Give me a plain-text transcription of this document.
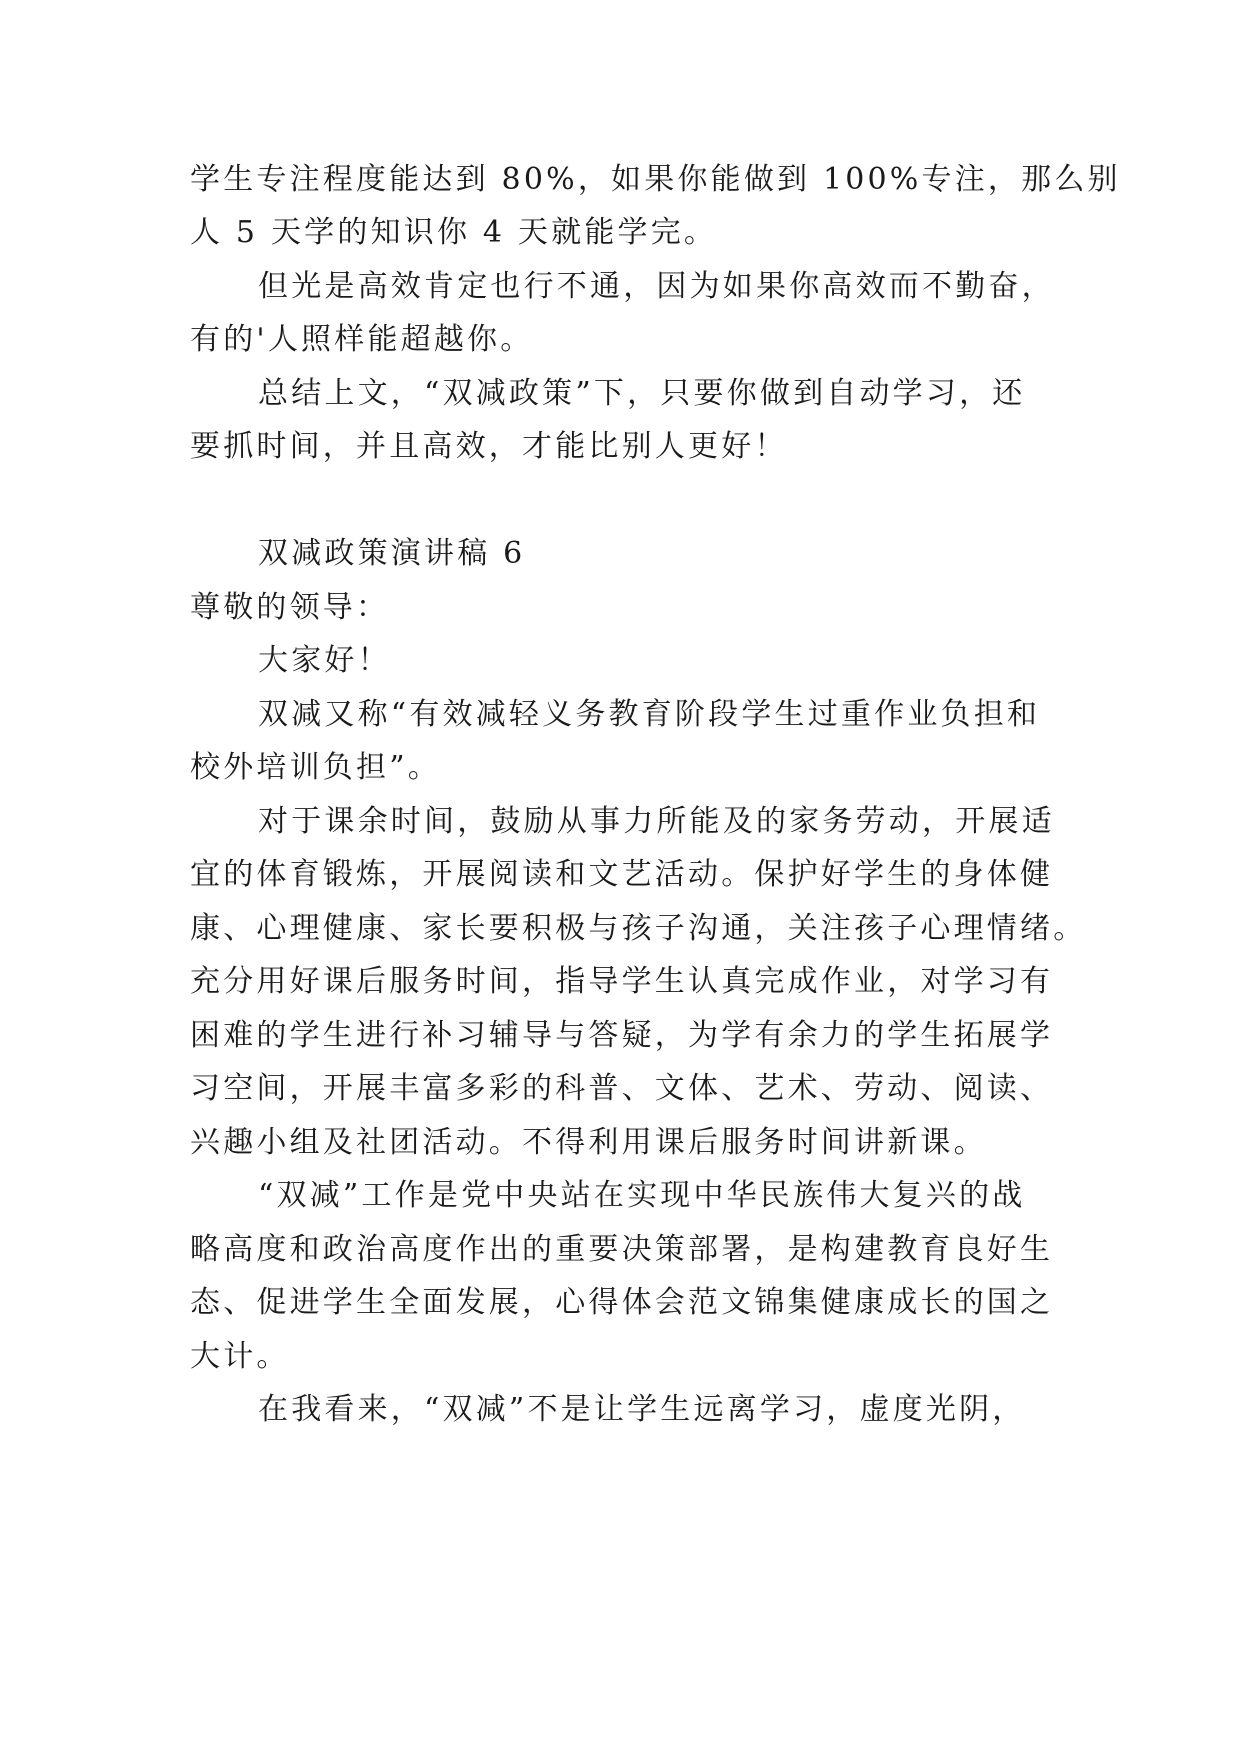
学生专注程度能达到 80%，如果你能做到 100%专注，那么别
人 5 天学的知识你 4 天就能学完。
但光是高效肯定也行不通，因为如果你高效而不勤奋，
有的'人照样能超越你。
总结上文，“双减政策”下，只要你做到自动学习，还
要抓时间，并且高效，才能比别人更好！
双减政策演讲稿 6
尊敬的领导：
大家好！
双减又称“有效减轻义务教育阶段学生过重作业负担和
校外培训负担”。
对于课余时间，鼓励从事力所能及的家务劳动，开展适
宜的体育锻炼，开展阅读和文艺活动。保护好学生的身体健
康、心理健康、家长要积极与孩子沟通，关注孩子心理情绪。
充分用好课后服务时间，指导学生认真完成作业，对学习有
困难的学生进行补习辅导与答疑，为学有余力的学生拓展学
习空间，开展丰富多彩的科普、文体、艺术、劳动、阅读、
兴趣小组及社团活动。不得利用课后服务时间讲新课。
“双减”工作是党中央站在实现中华民族伟大复兴的战
略高度和政治高度作出的重要决策部署，是构建教育良好生
态、促进学生全面发展，心得体会范文锦集健康成长的国之
大计。
在我看来，“双减”不是让学生远离学习，虚度光阴，
